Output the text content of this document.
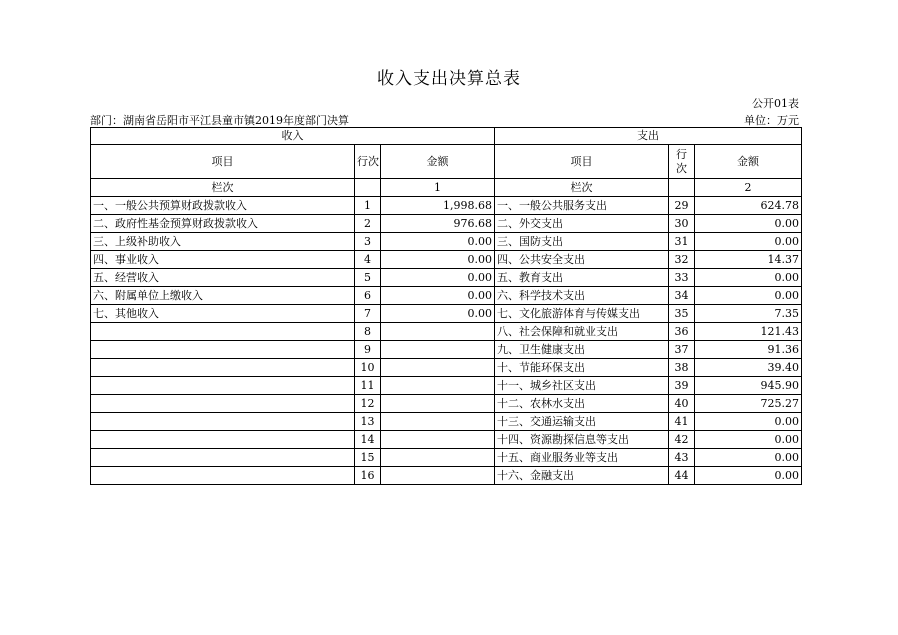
收入支出决算总表
公开01表
部门：湖南省岳阳市平江县童市镇2019年度部门决算	单位：万元
收入			支出		
项目	行次	金额	项目	行次	金额
栏次		1	栏次		2
一、一般公共预算财政拨款收入	1	1,998.68	一、一般公共服务支出	29	624.78
二、政府性基金预算财政拨款收入	2	976.68	二、外交支出	30	0.00
三、上级补助收入	3	0.00	三、国防支出	31	0.00
四、事业收入	4	0.00	四、公共安全支出	32	14.37
五、经营收入	5	0.00	五、教育支出	33	0.00
六、附属单位上缴收入	6	0.00	六、科学技术支出	34	0.00
七、其他收入	7	0.00	七、文化旅游体育与传媒支出	35	7.35
	8		八、社会保障和就业支出	36	121.43
	9		九、卫生健康支出	37	91.36
	10		十、节能环保支出	38	39.40
	11		十一、城乡社区支出	39	945.90
	12		十二、农林水支出	40	725.27
	13		十三、交通运输支出	41	0.00
	14		十四、资源勘探信息等支出	42	0.00
	15		十五、商业服务业等支出	43	0.00
	16		十六、金融支出	44	0.00
